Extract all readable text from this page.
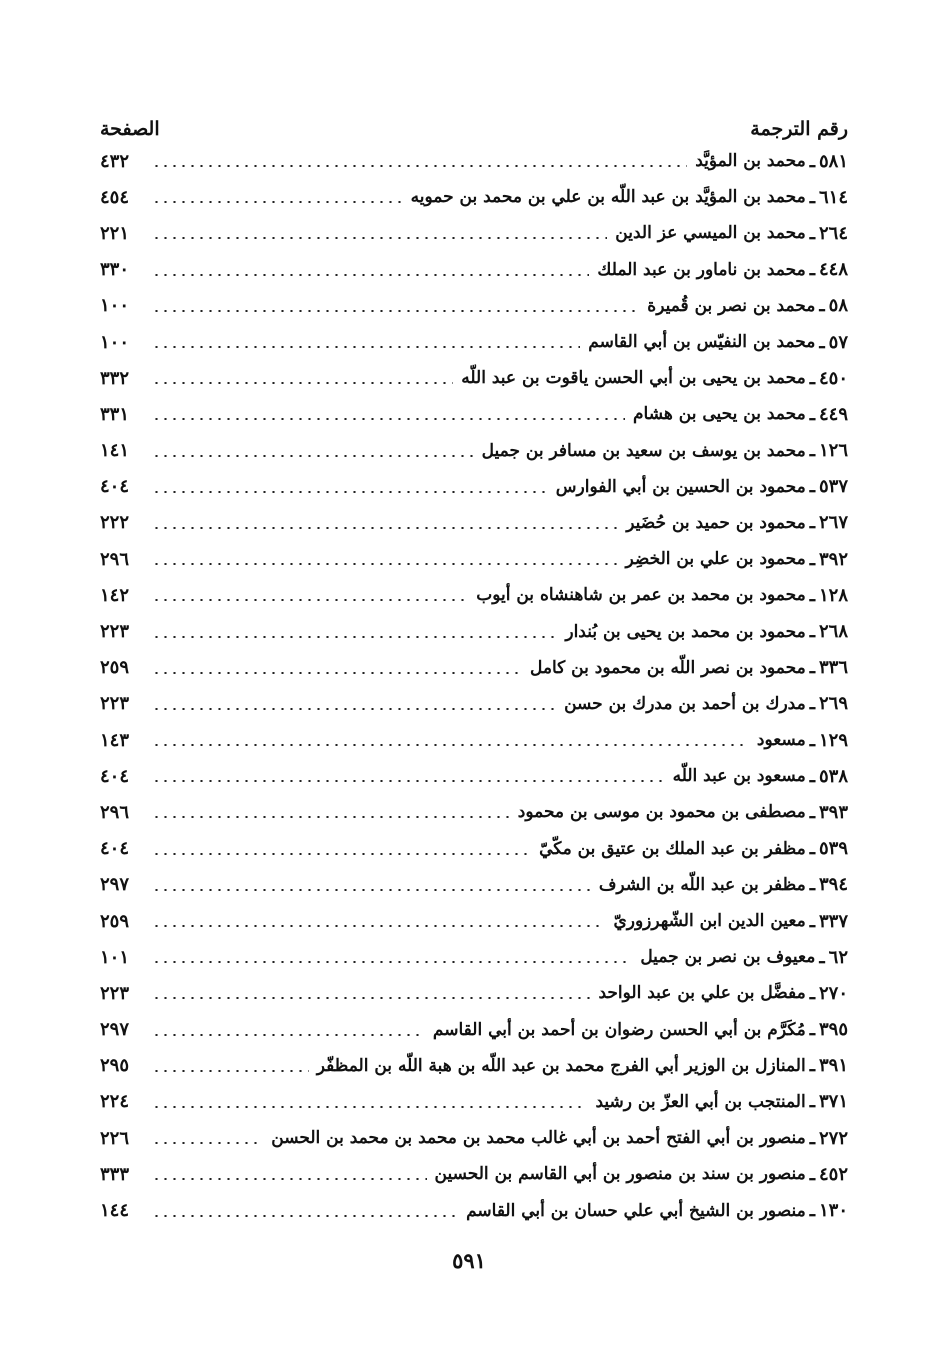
رقم الترجمة
الصفحة
٥٨١
ـ
محمد بن المؤيَّد
٤٣٢
٦١٤
ـ
محمد بن المؤيَّد بن عبد اللّه بن علي بن محمد بن حمويه
٤٥٤
٢٦٤
ـ
محمد بن الميسي عز الدين
٢٢١
٤٤٨
ـ
محمد بن ناماور بن عبد الملك
٣٣٠
٥٨
ـ
محمد بن نصر بن قُميرة
١٠٠
٥٧
ـ
محمد بن النفيّس بن أبي القاسم
١٠٠
٤٥٠
ـ
محمد بن يحيى بن أبي الحسن ياقوت بن عبد اللّه
٣٣٢
٤٤٩
ـ
محمد بن يحيى بن هشام
٣٣١
١٢٦
ـ
محمد بن يوسف بن سعيد بن مسافر بن جميل
١٤١
٥٣٧
ـ
محمود بن الحسين بن أبي الفوارس
٤٠٤
٢٦٧
ـ
محمود بن حميد بن حُضَير
٢٢٢
٣٩٢
ـ
محمود بن علي بن الخضِر
٢٩٦
١٢٨
ـ
محمود بن محمد بن عمر بن شاهنشاه بن أيوب
١٤٢
٢٦٨
ـ
محمود بن محمد بن يحيى بن بُندار
٢٢٣
٣٣٦
ـ
محمود بن نصر اللّه بن محمود بن كامل
٢٥٩
٢٦٩
ـ
مدرك بن أحمد بن مدرك بن حسن
٢٢٣
١٢٩
ـ
مسعود
١٤٣
٥٣٨
ـ
مسعود بن عبد اللّه
٤٠٤
٣٩٣
ـ
مصطفى بن محمود بن موسى بن محمود
٢٩٦
٥٣٩
ـ
مظفر بن عبد الملك بن عتيق بن مكّيّ
٤٠٤
٣٩٤
ـ
مظفر بن عبد اللّه بن الشرف
٢٩٧
٣٣٧
ـ
معين الدين ابن الشّهرزوريّ
٢٥٩
٦٢
ـ
معيوف بن نصر بن جميل
١٠١
٢٧٠
ـ
مفضَّل بن علي بن عبد الواحد
٢٢٣
٣٩٥
ـ
مُكَرَّم بن أبي الحسن رضوان بن أحمد بن أبي القاسم
٢٩٧
٣٩١
ـ
المنازل بن الوزير أبي الفرج محمد بن عبد اللّه بن هبة اللّه بن المظفّر
٢٩٥
٣٧١
ـ
المنتجب بن أبي العزّ بن رشيد
٢٢٤
٢٧٢
ـ
منصور بن أبي الفتح أحمد بن أبي غالب محمد بن محمد بن محمد بن الحسن
٢٢٦
٤٥٢
ـ
منصور بن سند بن منصور بن أبي القاسم بن الحسين
٣٣٣
١٣٠
ـ
منصور بن الشيخ أبي علي حسان بن أبي القاسم
١٤٤
٥٩١
